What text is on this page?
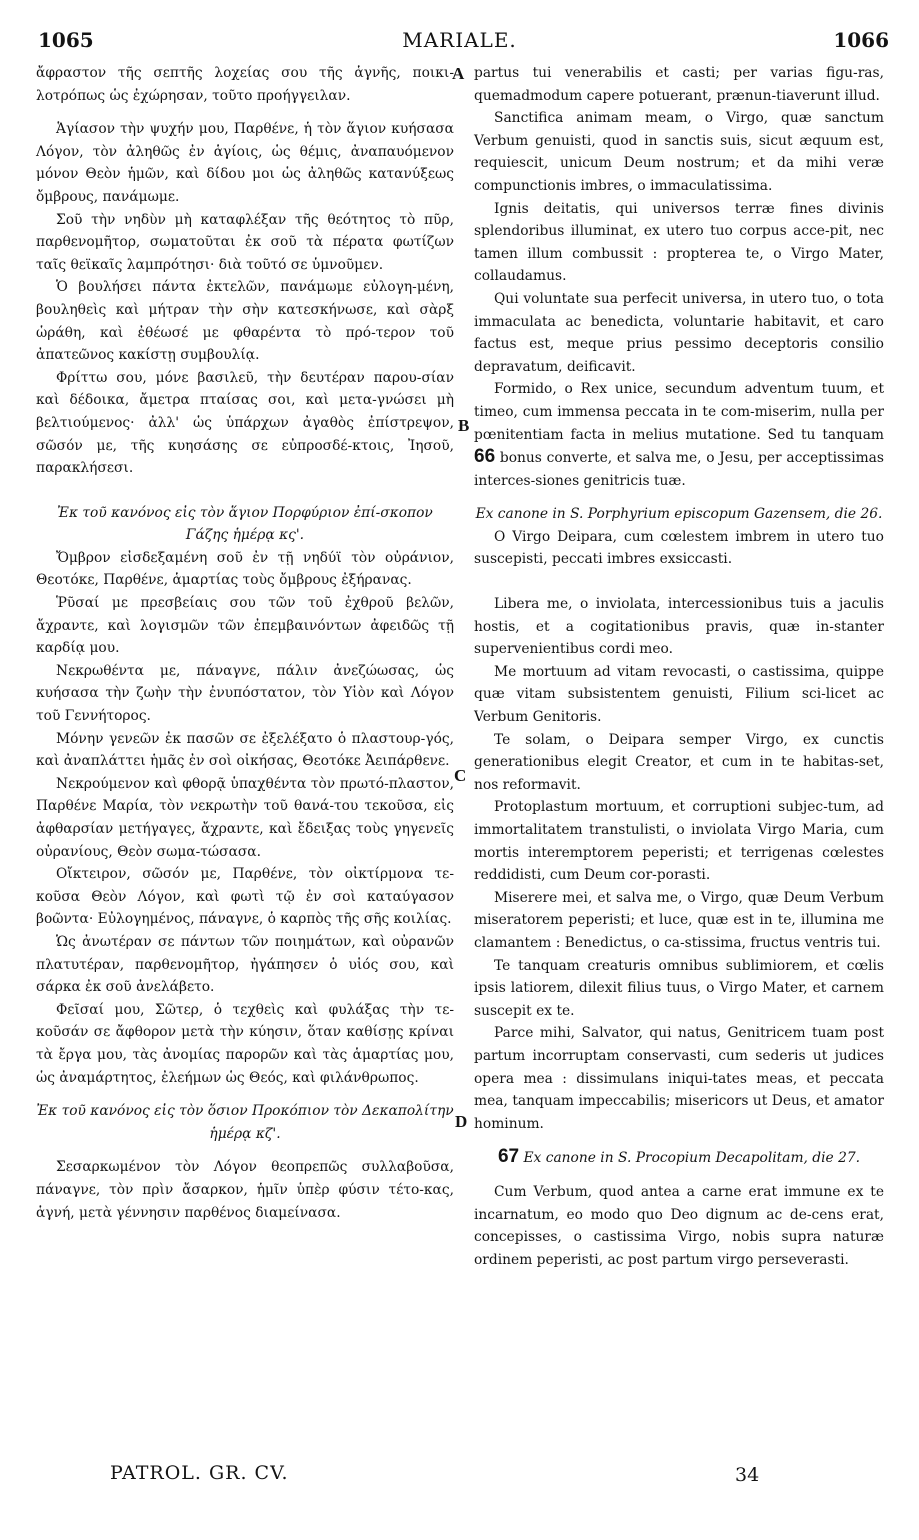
1065	MARIALE.	1066

ἄφραστον τῆς σεπτῆς λοχείας σου τῆς ἁγνῆς, ποικι-λοτρόπως ὡς ἐχώρησαν, τοῦτο προήγγειλαν.

Ἁγίασον τὴν ψυχήν μου, Παρθένε, ἡ τὸν ἅγιον κυήσασα Λόγον, τὸν ἀληθῶς ἐν ἁγίοις, ὡς θέμις, ἀναπαυόμενον μόνον Θεὸν ἡμῶν, καὶ δίδου μοι ὡς ἀληθῶς κατανύξεως ὄμβρους, πανάμωμε.

Σοῦ τὴν νηδὺν μὴ καταφλέξαν τῆς θεότητος τὸ πῦρ, παρθενομῆτορ, σωματοῦται ἐκ σοῦ τὰ πέρατα φωτίζων ταῖς θεϊκαῖς λαμπρότησι· διὰ τοῦτό σε ὑμνοῦμεν.

Ὁ βουλήσει πάντα ἐκτελῶν, πανάμωμε εὐλογη-μένη, βουληθεὶς καὶ μήτραν τὴν σὴν κατεσκήνωσε, καὶ σὰρξ ὡράθη, καὶ ἐθέωσέ με φθαρέντα τὸ πρό-τερον τοῦ ἀπατεῶνος κακίστῃ συμβουλίᾳ.

Φρίττω σου, μόνε βασιλεῦ, τὴν δευτέραν παρου-σίαν καὶ δέδοικα, ἄμετρα πταίσας σοι, καὶ μετα-γνώσει μὴ βελτιούμενος· ἀλλ' ὡς ὑπάρχων ἀγαθὸς ἐπίστρεψον, σῶσόν με, τῆς κυησάσης σε εὐπροσδέ-κτοις, Ἰησοῦ, παρακλήσεσι.

Ἐκ τοῦ κανόνος εἰς τὸν ἅγιον Πορφύριον ἐπί-σκοπον Γάζης ἡμέρᾳ κς'.

Ὄμβρον εἰσδεξαμένη σοῦ ἐν τῇ νηδύϊ τὸν οὐράνιον, Θεοτόκε, Παρθένε, ἁμαρτίας τοὺς ὄμβρους ἐξήρανας.

Ῥῦσαί με πρεσβείαις σου τῶν τοῦ ἐχθροῦ βελῶν, ἄχραντε, καὶ λογισμῶν τῶν ἐπεμβαινόντων ἀφειδῶς τῇ καρδίᾳ μου.

Νεκρωθέντα με, πάναγνε, πάλιν ἀνεζώωσας, ὡς κυήσασα τὴν ζωὴν τὴν ἐνυπόστατον, τὸν Υἱὸν καὶ Λόγον τοῦ Γεννήτορος.

Μόνην γενεῶν ἐκ πασῶν σε ἐξελέξατο ὁ πλαστουρ-γός, καὶ ἀναπλάττει ἡμᾶς ἐν σοὶ οἰκήσας, Θεοτόκε Ἀειπάρθενε.

Νεκρούμενον καὶ φθορᾷ ὑπαχθέντα τὸν πρωτό-πλαστον, Παρθένε Μαρία, τὸν νεκρωτὴν τοῦ θανά-του τεκοῦσα, εἰς ἀφθαρσίαν μετήγαγες, ἄχραντε, καὶ ἔδειξας τοὺς γηγενεῖς οὐρανίους, Θεὸν σωμα-τώσασα.

Οἴκτειρον, σῶσόν με, Παρθένε, τὸν οἰκτίρμονα τε-κοῦσα Θεὸν Λόγον, καὶ φωτὶ τῷ ἐν σοὶ καταύγασον βοῶντα· Εὐλογημένος, πάναγνε, ὁ καρπὸς τῆς σῆς κοιλίας.

Ὡς ἀνωτέραν σε πάντων τῶν ποιημάτων, καὶ οὐρανῶν πλατυτέραν, παρθενομῆτορ, ἠγάπησεν ὁ υἱός σου, καὶ σάρκα ἐκ σοῦ ἀνελάβετο.

Φεῖσαί μου, Σῶτερ, ὁ τεχθεὶς καὶ φυλάξας τὴν τε-κοῦσάν σε ἄφθορον μετὰ τὴν κύησιν, ὅταν καθίσῃς κρίναι τὰ ἔργα μου, τὰς ἀνομίας παρορῶν καὶ τὰς ἁμαρτίας μου, ὡς ἀναμάρτητος, ἐλεήμων ὡς Θεός, καὶ φιλάνθρωπος.

Ἐκ τοῦ κανόνος εἰς τὸν ὅσιον Προκόπιον τὸν Δεκαπολίτην ἡμέρᾳ κζ'.

Σεσαρκωμένον τὸν Λόγον θεοπρεπῶς συλλαβοῦσα, πάναγνε, τὸν πρὶν ἄσαρκον, ἡμῖν ὑπὲρ φύσιν τέτο-κας, ἁγνή, μετὰ γέννησιν παρθένος διαμείνασα.

partus tui venerabilis et casti; per varias figu-ras, quemadmodum capere potuerant, prænun-tiaverunt illud.

Sanctifica animam meam, o Virgo, quæ sanctum Verbum genuisti, quod in sanctis suis, sicut æquum est, requiescit, unicum Deum nostrum; et da mihi veræ compunctionis imbres, o immaculatissima.

Ignis deitatis, qui universos terræ fines divinis splendoribus illuminat, ex utero tuo corpus acce-pit, nec tamen illum combussit : propterea te, o Virgo Mater, collaudamus.

Qui voluntate sua perfecit universa, in utero tuo, o tota immaculata ac benedicta, voluntarie habitavit, et caro factus est, meque prius pessimo deceptoris consilio depravatum, deificavit.

Formido, o Rex unice, secundum adventum tuum, et timeo, cum immensa peccata in te com-miserim, nulla per pœnitentiam facta in melius mutatione. Sed tu tanquam 66 bonus converte, et salva me, o Jesu, per acceptissimas interces-siones genitricis tuæ.

Ex canone in S. Porphyrium episcopum Gazensem, die 26.

O Virgo Deipara, cum cœlestem imbrem in utero tuo suscepisti, peccati imbres exsiccasti.

Libera me, o inviolata, intercessionibus tuis a jaculis hostis, et a cogitationibus pravis, quæ in-stanter supervenientibus cordi meo.

Me mortuum ad vitam revocasti, o castissima, quippe quæ vitam subsistentem genuisti, Filium sci-licet ac Verbum Genitoris.

Te solam, o Deipara semper Virgo, ex cunctis generationibus elegit Creator, et cum in te habitas-set, nos reformavit.

Protoplastum mortuum, et corruptioni subjec-tum, ad immortalitatem transtulisti, o inviolata Virgo Maria, cum mortis interemptorem peperisti; et terrigenas cœlestes reddidisti, cum Deum cor-porasti.

Miserere mei, et salva me, o Virgo, quæ Deum Verbum miseratorem peperisti; et luce, quæ est in te, illumina me clamantem : Benedictus, o ca-stissima, fructus ventris tui.

Te tanquam creaturis omnibus sublimiorem, et cœlis ipsis latiorem, dilexit filius tuus, o Virgo Mater, et carnem suscepit ex te.

Parce mihi, Salvator, qui natus, Genitricem tuam post partum incorruptam conservasti, cum sederis ut judices opera mea : dissimulans iniqui-tates meas, et peccata mea, tanquam impeccabilis; misericors ut Deus, et amator hominum.

67 Ex canone in S. Procopium Decapolitam, die 27.

Cum Verbum, quod antea a carne erat immune ex te incarnatum, eo modo quo Deo dignum ac de-cens erat, concepisses, o castissima Virgo, nobis supra naturæ ordinem peperisti, ac post partum virgo perseverasti.

A
B
C
D
PATROL. GR. CV.	34
